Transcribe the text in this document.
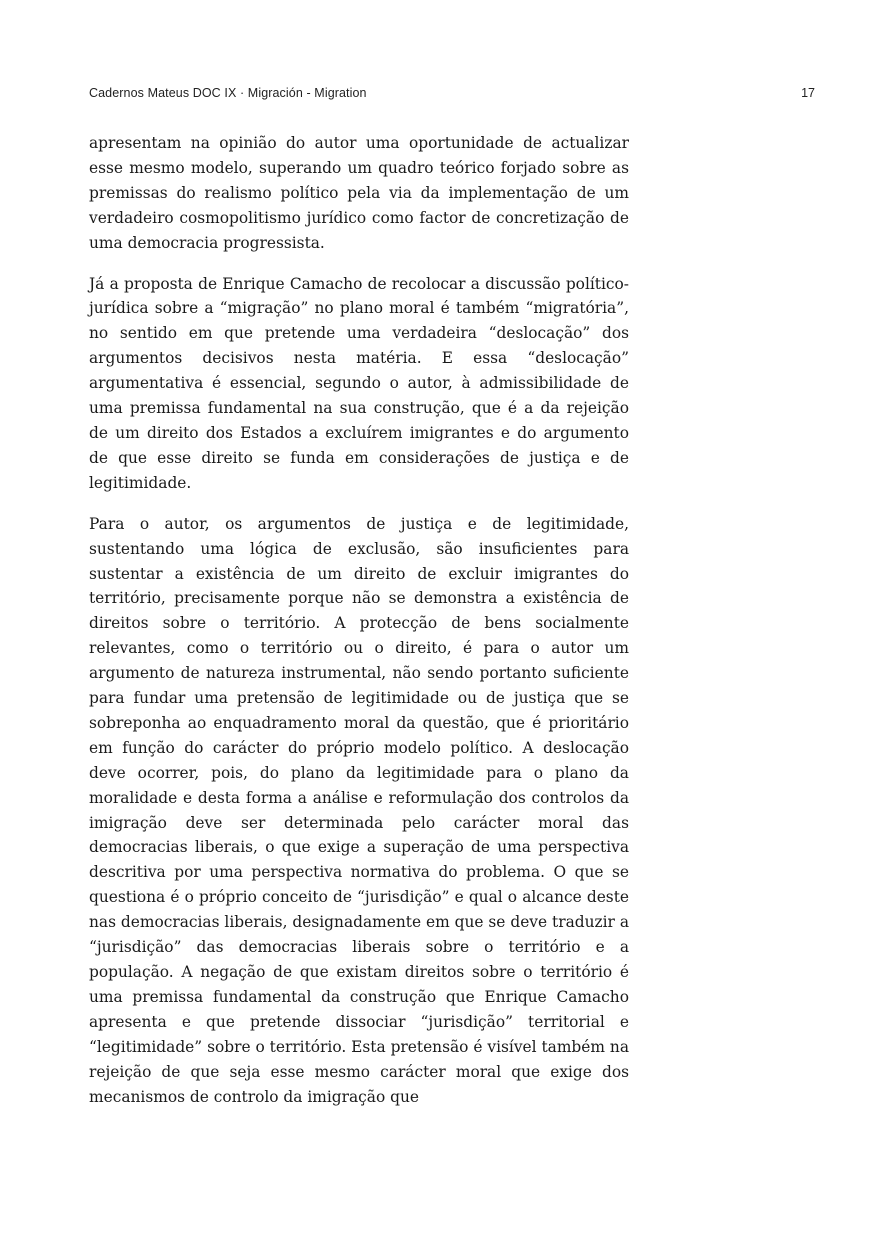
Cadernos Mateus DOC IX · Migración - Migration	17

apresentam na opinião do autor uma oportunidade de actualizar esse mesmo modelo, superando um quadro teórico forjado sobre as premissas do realismo político pela via da implementação de um verdadeiro cosmopolitismo jurídico como factor de concretização de uma democracia progressista.

Já a proposta de Enrique Camacho de recolocar a discussão político-jurídica sobre a “migração” no plano moral é também “migratória”, no sentido em que pretende uma verdadeira “deslocação” dos argumentos decisivos nesta matéria. E essa “deslocação” argumentativa é essencial, segundo o autor, à admissibilidade de uma premissa fundamental na sua construção, que é a da rejeição de um direito dos Estados a excluírem imigrantes e do argumento de que esse direito se funda em considerações de justiça e de legitimidade.

Para o autor, os argumentos de justiça e de legitimidade, sustentando uma lógica de exclusão, são insuficientes para sustentar a existência de um direito de excluir imigrantes do território, precisamente porque não se demonstra a existência de direitos sobre o território. A protecção de bens socialmente relevantes, como o território ou o direito, é para o autor um argumento de natureza instrumental, não sendo portanto suficiente para fundar uma pretensão de legitimidade ou de justiça que se sobreponha ao enquadramento moral da questão, que é prioritário em função do carácter do próprio modelo político. A deslocação deve ocorrer, pois, do plano da legitimidade para o plano da moralidade e desta forma a análise e reformulação dos controlos da imigração deve ser determinada pelo carácter moral das democracias liberais, o que exige a superação de uma perspectiva descritiva por uma perspectiva normativa do problema. O que se questiona é o próprio conceito de “jurisdição” e qual o alcance deste nas democracias liberais, designadamente em que se deve traduzir a “jurisdição” das democracias liberais sobre o território e a população. A negação de que existam direitos sobre o território é uma premissa fundamental da construção que Enrique Camacho apresenta e que pretende dissociar “jurisdição” territorial e “legitimidade” sobre o território. Esta pretensão é visível também na rejeição de que seja esse mesmo carácter moral que exige dos mecanismos de controlo da imigração que
